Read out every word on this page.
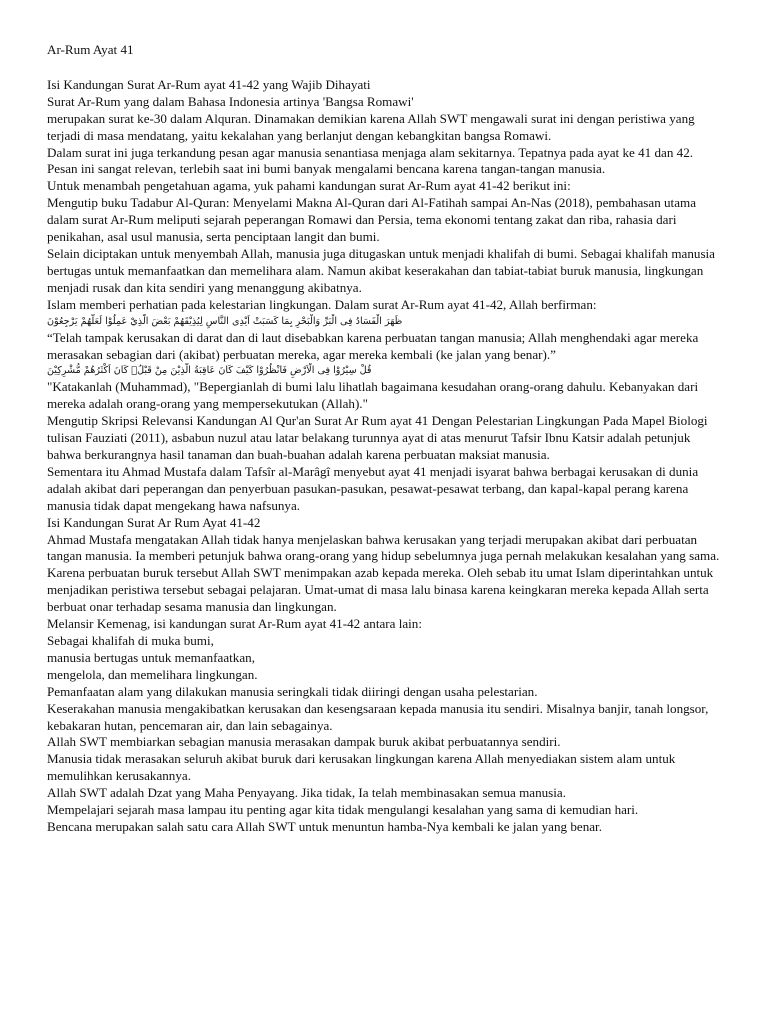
Ar-Rum Ayat 41

Isi Kandungan Surat Ar-Rum ayat 41-42 yang Wajib Dihayati

Surat Ar-Rum yang dalam Bahasa Indonesia artinya 'Bangsa Romawi'

merupakan surat ke-30 dalam Alquran. Dinamakan demikian karena Allah SWT mengawali surat ini dengan peristiwa yang terjadi di masa mendatang, yaitu kekalahan yang berlanjut dengan kebangkitan bangsa Romawi.

Dalam surat ini juga terkandung pesan agar manusia senantiasa menjaga alam sekitarnya. Tepatnya pada ayat ke 41 dan 42. Pesan ini sangat relevan, terlebih saat ini bumi banyak mengalami bencana karena tangan-tangan manusia.

Untuk menambah pengetahuan agama, yuk pahami kandungan surat Ar-Rum ayat 41-42 berikut ini:

Mengutip buku Tadabur Al-Quran: Menyelami Makna Al-Quran dari Al-Fatihah sampai An-Nas (2018), pembahasan utama dalam surat Ar-Rum meliputi sejarah peperangan Romawi dan Persia, tema ekonomi tentang zakat dan riba, rahasia dari penikahan, asal usul manusia, serta penciptaan langit dan bumi.

Selain diciptakan untuk menyembah Allah, manusia juga ditugaskan untuk menjadi khalifah di bumi. Sebagai khalifah manusia bertugas untuk memanfaatkan dan memelihara alam. Namun akibat keserakahan dan tabiat-tabiat buruk manusia, lingkungan menjadi rusak dan kita sendiri yang menanggung akibatnya.

Islam memberi perhatian pada kelestarian lingkungan. Dalam surat Ar-Rum ayat 41-42, Allah berfirman:

ظَهَرَ الْفَسَادُ فِى الْبَرِّ وَالْبَحْرِ بِمَا كَسَبَتْ اَيْدِى النَّاسِ لِيُذِيْقَهُمْ بَعْضَ الَّذِيْ عَمِلُوْا لَعَلَّهُمْ يَرْجِعُوْنَ

“Telah tampak kerusakan di darat dan di laut disebabkan karena perbuatan tangan manusia; Allah menghendaki agar mereka merasakan sebagian dari (akibat) perbuatan mereka, agar mereka kembali (ke jalan yang benar).”

قُلْ سِيْرُوْا فِى الْاَرْضِ فَانْظُرُوْا كَيْفَ كَانَ عَاقِبَةُ الَّذِيْنَ مِنْ قَبْلُۗ كَانَ اَكْثَرُهُمْ مُّشْرِكِيْنَ

"Katakanlah (Muhammad), "Bepergianlah di bumi lalu lihatlah bagaimana kesudahan orang-orang dahulu. Kebanyakan dari mereka adalah orang-orang yang mempersekutukan (Allah)."

Mengutip Skripsi Relevansi Kandungan Al Qur'an Surat Ar Rum ayat 41 Dengan Pelestarian Lingkungan Pada Mapel Biologi tulisan Fauziati (2011), asbabun nuzul atau latar belakang turunnya ayat di atas menurut Tafsir Ibnu Katsir adalah petunjuk bahwa berkurangnya hasil tanaman dan buah-buahan adalah karena perbuatan maksiat manusia.

Sementara itu Ahmad Mustafa dalam Tafsîr al-Marâgî menyebut ayat 41 menjadi isyarat bahwa berbagai kerusakan di dunia adalah akibat dari peperangan dan penyerbuan pasukan-pasukan, pesawat-pesawat terbang, dan kapal-kapal perang karena manusia tidak dapat mengekang hawa nafsunya.

Isi Kandungan Surat Ar Rum Ayat 41-42

Ahmad Mustafa mengatakan Allah tidak hanya menjelaskan bahwa kerusakan yang terjadi merupakan akibat dari perbuatan tangan manusia. Ia memberi petunjuk bahwa orang-orang yang hidup sebelumnya juga pernah melakukan kesalahan yang sama.

Karena perbuatan buruk tersebut Allah SWT menimpakan azab kepada mereka. Oleh sebab itu umat Islam diperintahkan untuk menjadikan peristiwa tersebut sebagai pelajaran. Umat-umat di masa lalu binasa karena keingkaran mereka kepada Allah serta berbuat onar terhadap sesama manusia dan lingkungan.

Melansir Kemenag, isi kandungan surat Ar-Rum ayat 41-42 antara lain:

Sebagai khalifah di muka bumi,

manusia bertugas untuk memanfaatkan,

mengelola, dan memelihara lingkungan.

Pemanfaatan alam yang dilakukan manusia seringkali tidak diiringi dengan usaha pelestarian.

Keserakahan manusia mengakibatkan kerusakan dan kesengsaraan kepada manusia itu sendiri. Misalnya banjir, tanah longsor, kebakaran hutan, pencemaran air, dan lain sebagainya.

Allah SWT membiarkan sebagian manusia merasakan dampak buruk akibat perbuatannya sendiri.

Manusia tidak merasakan seluruh akibat buruk dari kerusakan lingkungan karena Allah menyediakan sistem alam untuk memulihkan kerusakannya.

Allah SWT adalah Dzat yang Maha Penyayang. Jika tidak, Ia telah membinasakan semua manusia.

Mempelajari sejarah masa lampau itu penting agar kita tidak mengulangi kesalahan yang sama di kemudian hari.

Bencana merupakan salah satu cara Allah SWT untuk menuntun hamba-Nya kembali ke jalan yang benar.
